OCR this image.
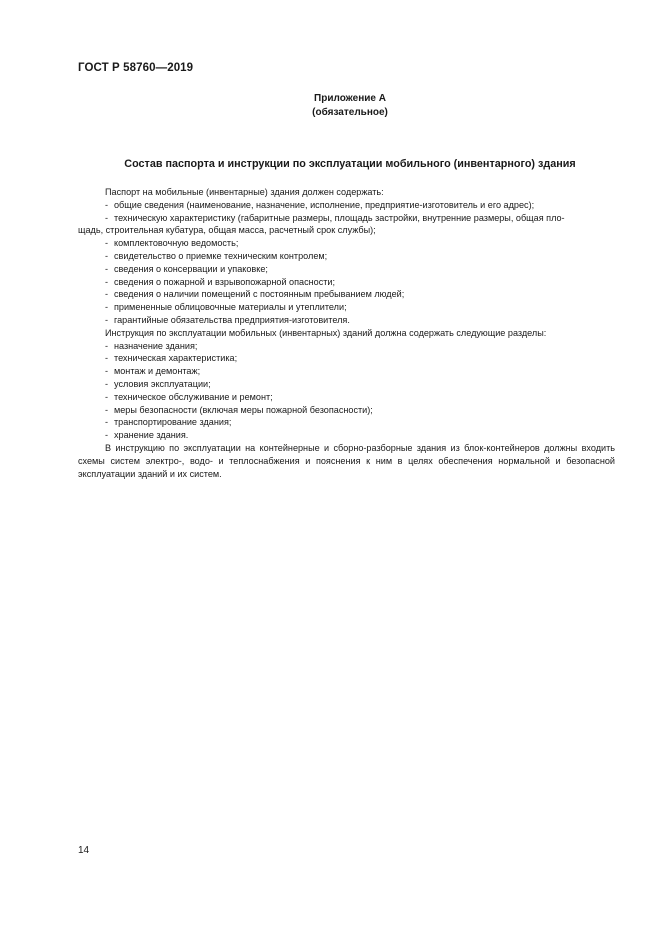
ГОСТ Р 58760—2019
Приложение А
(обязательное)
Состав паспорта и инструкции по эксплуатации мобильного (инвентарного) здания

Паспорт на мобильные (инвентарные) здания должен содержать:

- общие сведения (наименование, назначение, исполнение, предприятие-изготовитель и его адрес);

- техническую характеристику (габаритные размеры, площадь застройки, внутренние размеры, общая пло-

щадь, строительная кубатура, общая масса, расчетный срок службы);

- комплектовочную ведомость;

- свидетельство о приемке техническим контролем;

- сведения о консервации и упаковке;

- сведения о пожарной и взрывопожарной опасности;

- сведения о наличии помещений с постоянным пребыванием людей;

- примененные облицовочные материалы и утеплители;

- гарантийные обязательства предприятия-изготовителя.

Инструкция по эксплуатации мобильных (инвентарных) зданий должна содержать следующие разделы:

- назначение здания;

- техническая характеристика;

- монтаж и демонтаж;

- условия эксплуатации;

- техническое обслуживание и ремонт;

- меры безопасности (включая меры пожарной безопасности);

- транспортирование здания;

- хранение здания.

В инструкцию по эксплуатации на контейнерные и сборно-разборные здания из блок-контейнеров должны входить схемы систем электро-, водо- и теплоснабжения и пояснения к ним в целях обеспечения нормальной и безопасной эксплуатации зданий и их систем.

14
